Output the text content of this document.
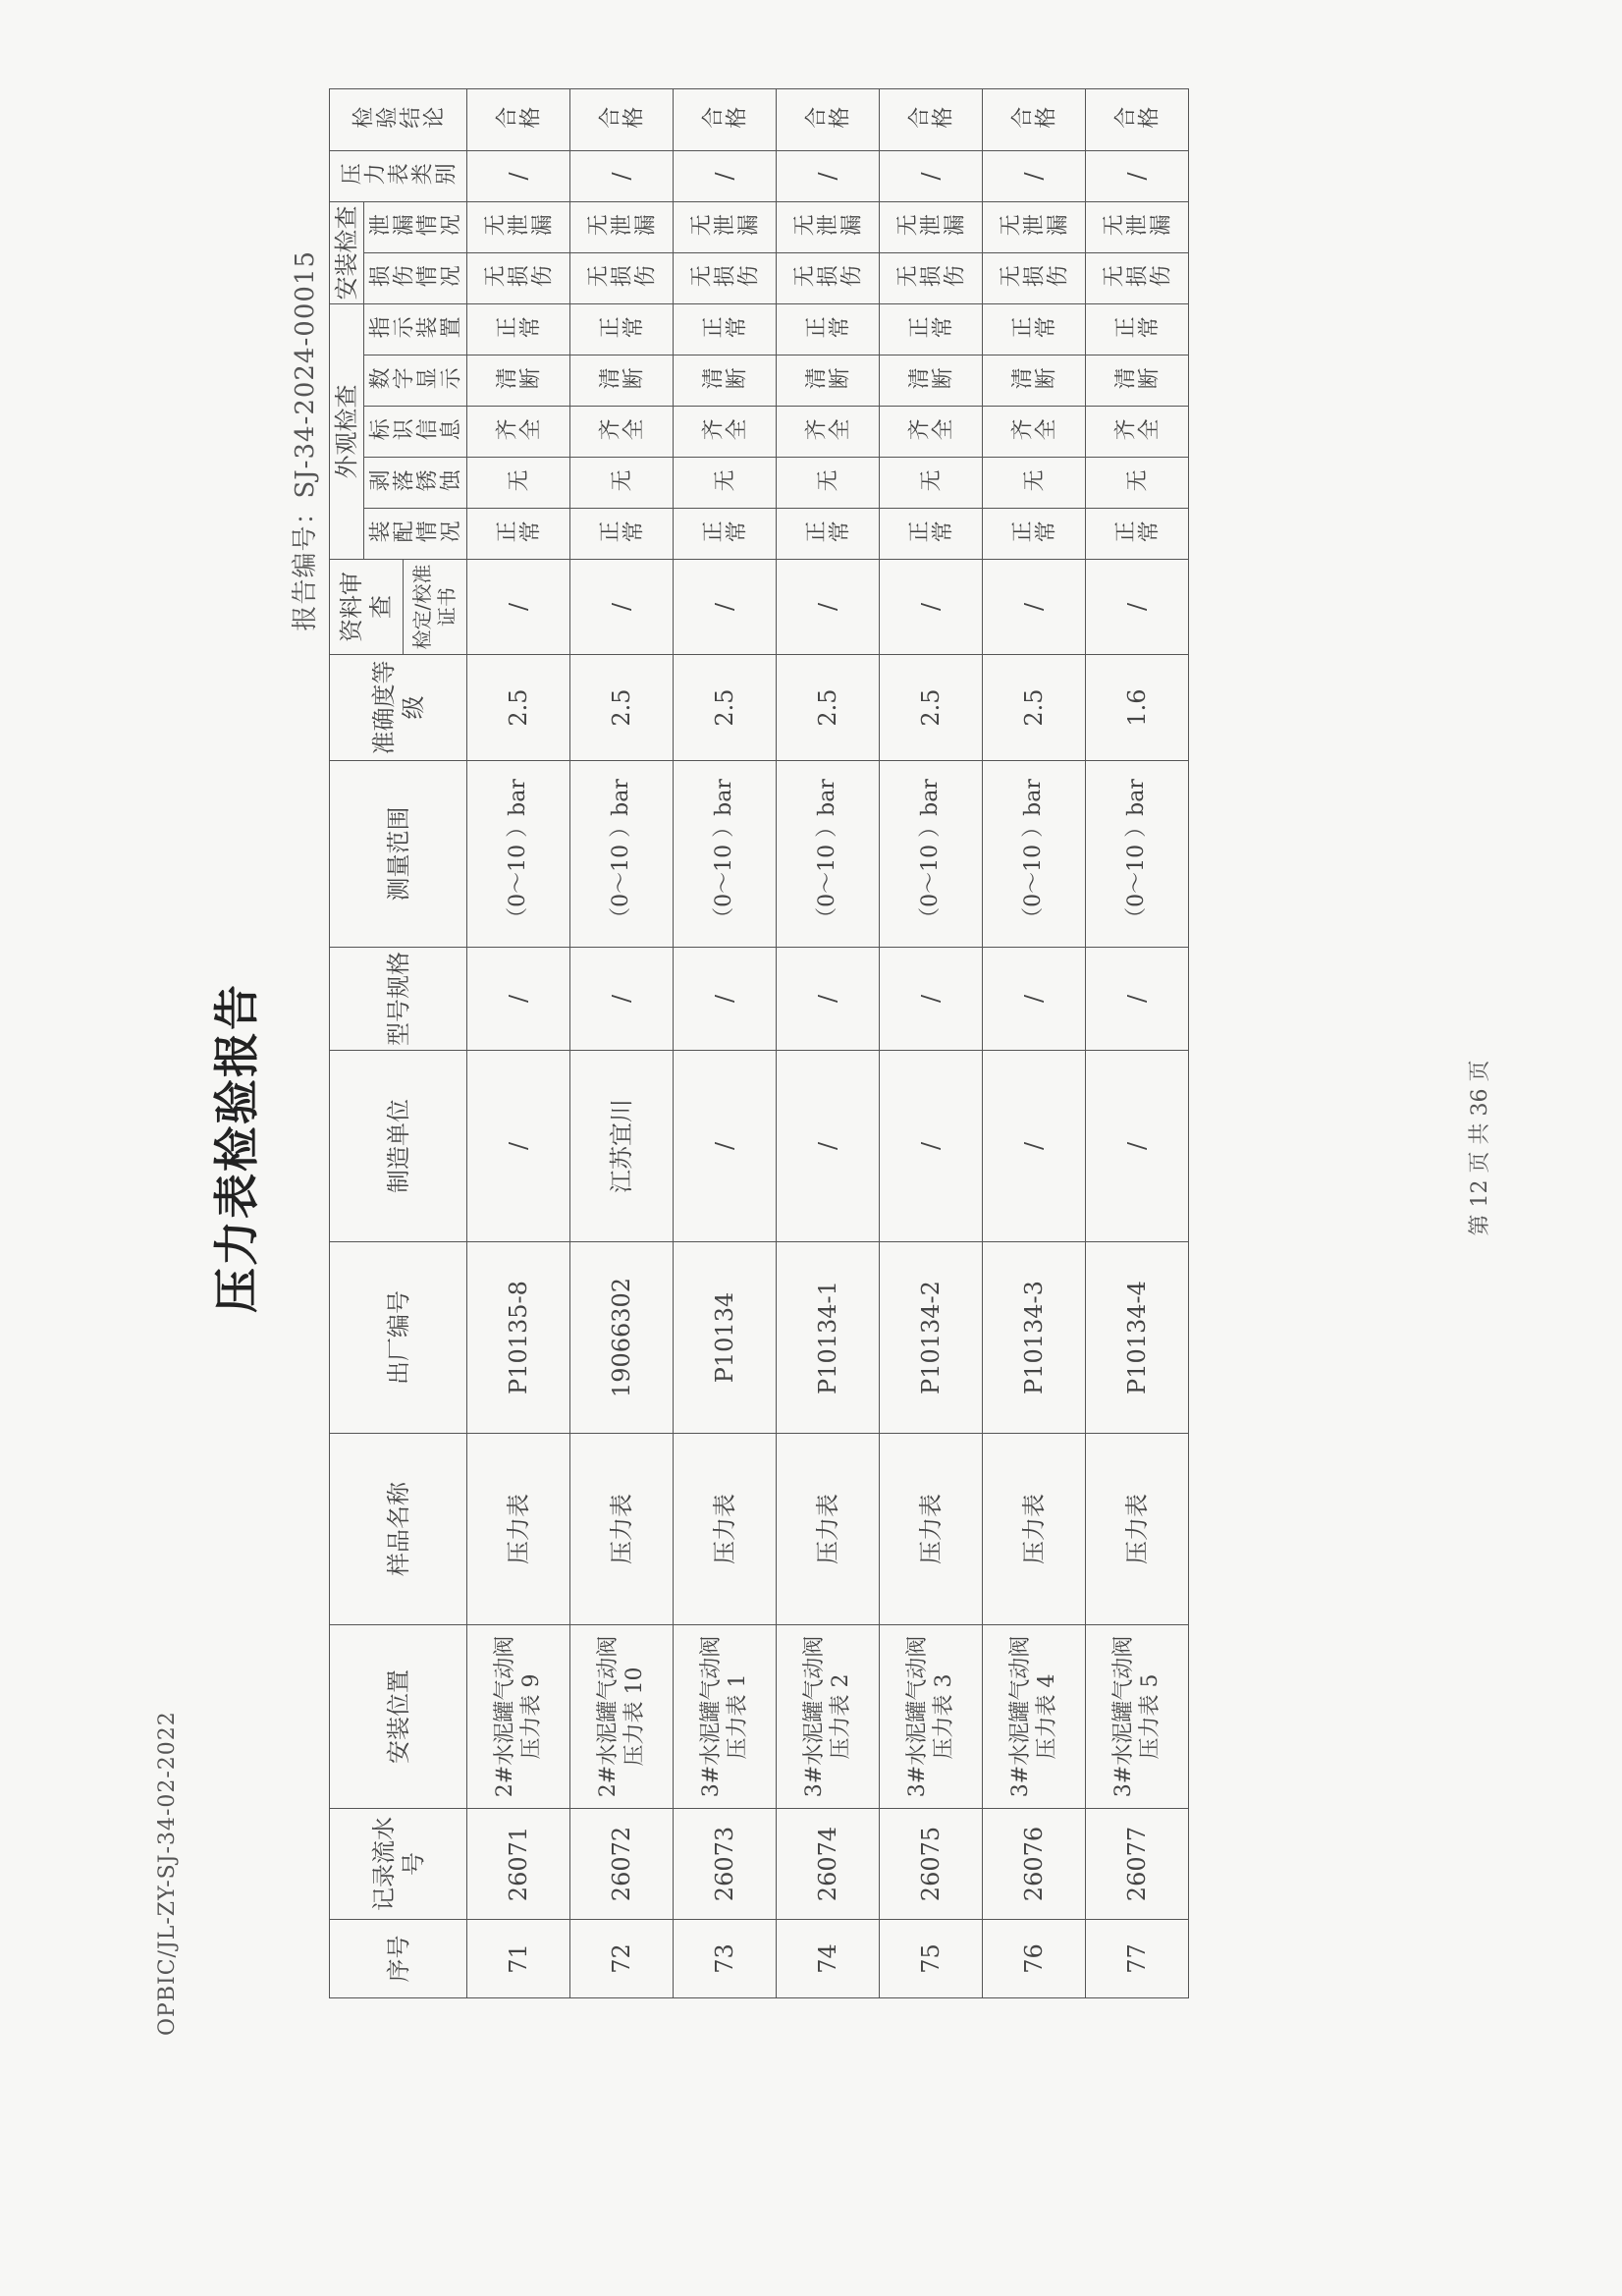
OPBIC/JL-ZY-SJ-34-02-2022
压力表检验报告
报告编号：SJ-34-2024-00015
序号	记录流水号	安装位置	样品名称	出厂编号	制造单位	型号规格	测量范围	准确度等级	资料审查	外观检查					安装检查		压力表类别	检验结论

										装配情况	剥落锈蚀	标识信息	数字显示	指示装置	损伤情况	泄漏情况		

									检定/校准证书									
71	26071	2#水泥罐气动阀压力表 9	压力表	P10135-8	/	/	（0～10 ）bar	2.5	/	正常	无	齐全	清断	正常	无损伤	无泄漏	/	合格

72	26072	2#水泥罐气动阀压力表 10	压力表	19066302	江苏宜川	/	（0～10 ）bar	2.5	/	正常	无	齐全	清断	正常	无损伤	无泄漏	/	合格

73	26073	3#水泥罐气动阀压力表 1	压力表	P10134	/	/	（0～10 ）bar	2.5	/	正常	无	齐全	清断	正常	无损伤	无泄漏	/	合格

74	26074	3#水泥罐气动阀压力表 2	压力表	P10134-1	/	/	（0～10 ）bar	2.5	/	正常	无	齐全	清断	正常	无损伤	无泄漏	/	合格

75	26075	3#水泥罐气动阀压力表 3	压力表	P10134-2	/	/	（0～10 ）bar	2.5	/	正常	无	齐全	清断	正常	无损伤	无泄漏	/	合格

76	26076	3#水泥罐气动阀压力表 4	压力表	P10134-3	/	/	（0～10 ）bar	2.5	/	正常	无	齐全	清断	正常	无损伤	无泄漏	/	合格

77	26077	3#水泥罐气动阀压力表 5	压力表	P10134-4	/	/	（0～10 ）bar	1.6	/	正常	无	齐全	清断	正常	无损伤	无泄漏	/	合格
第 12 页 共 36 页
